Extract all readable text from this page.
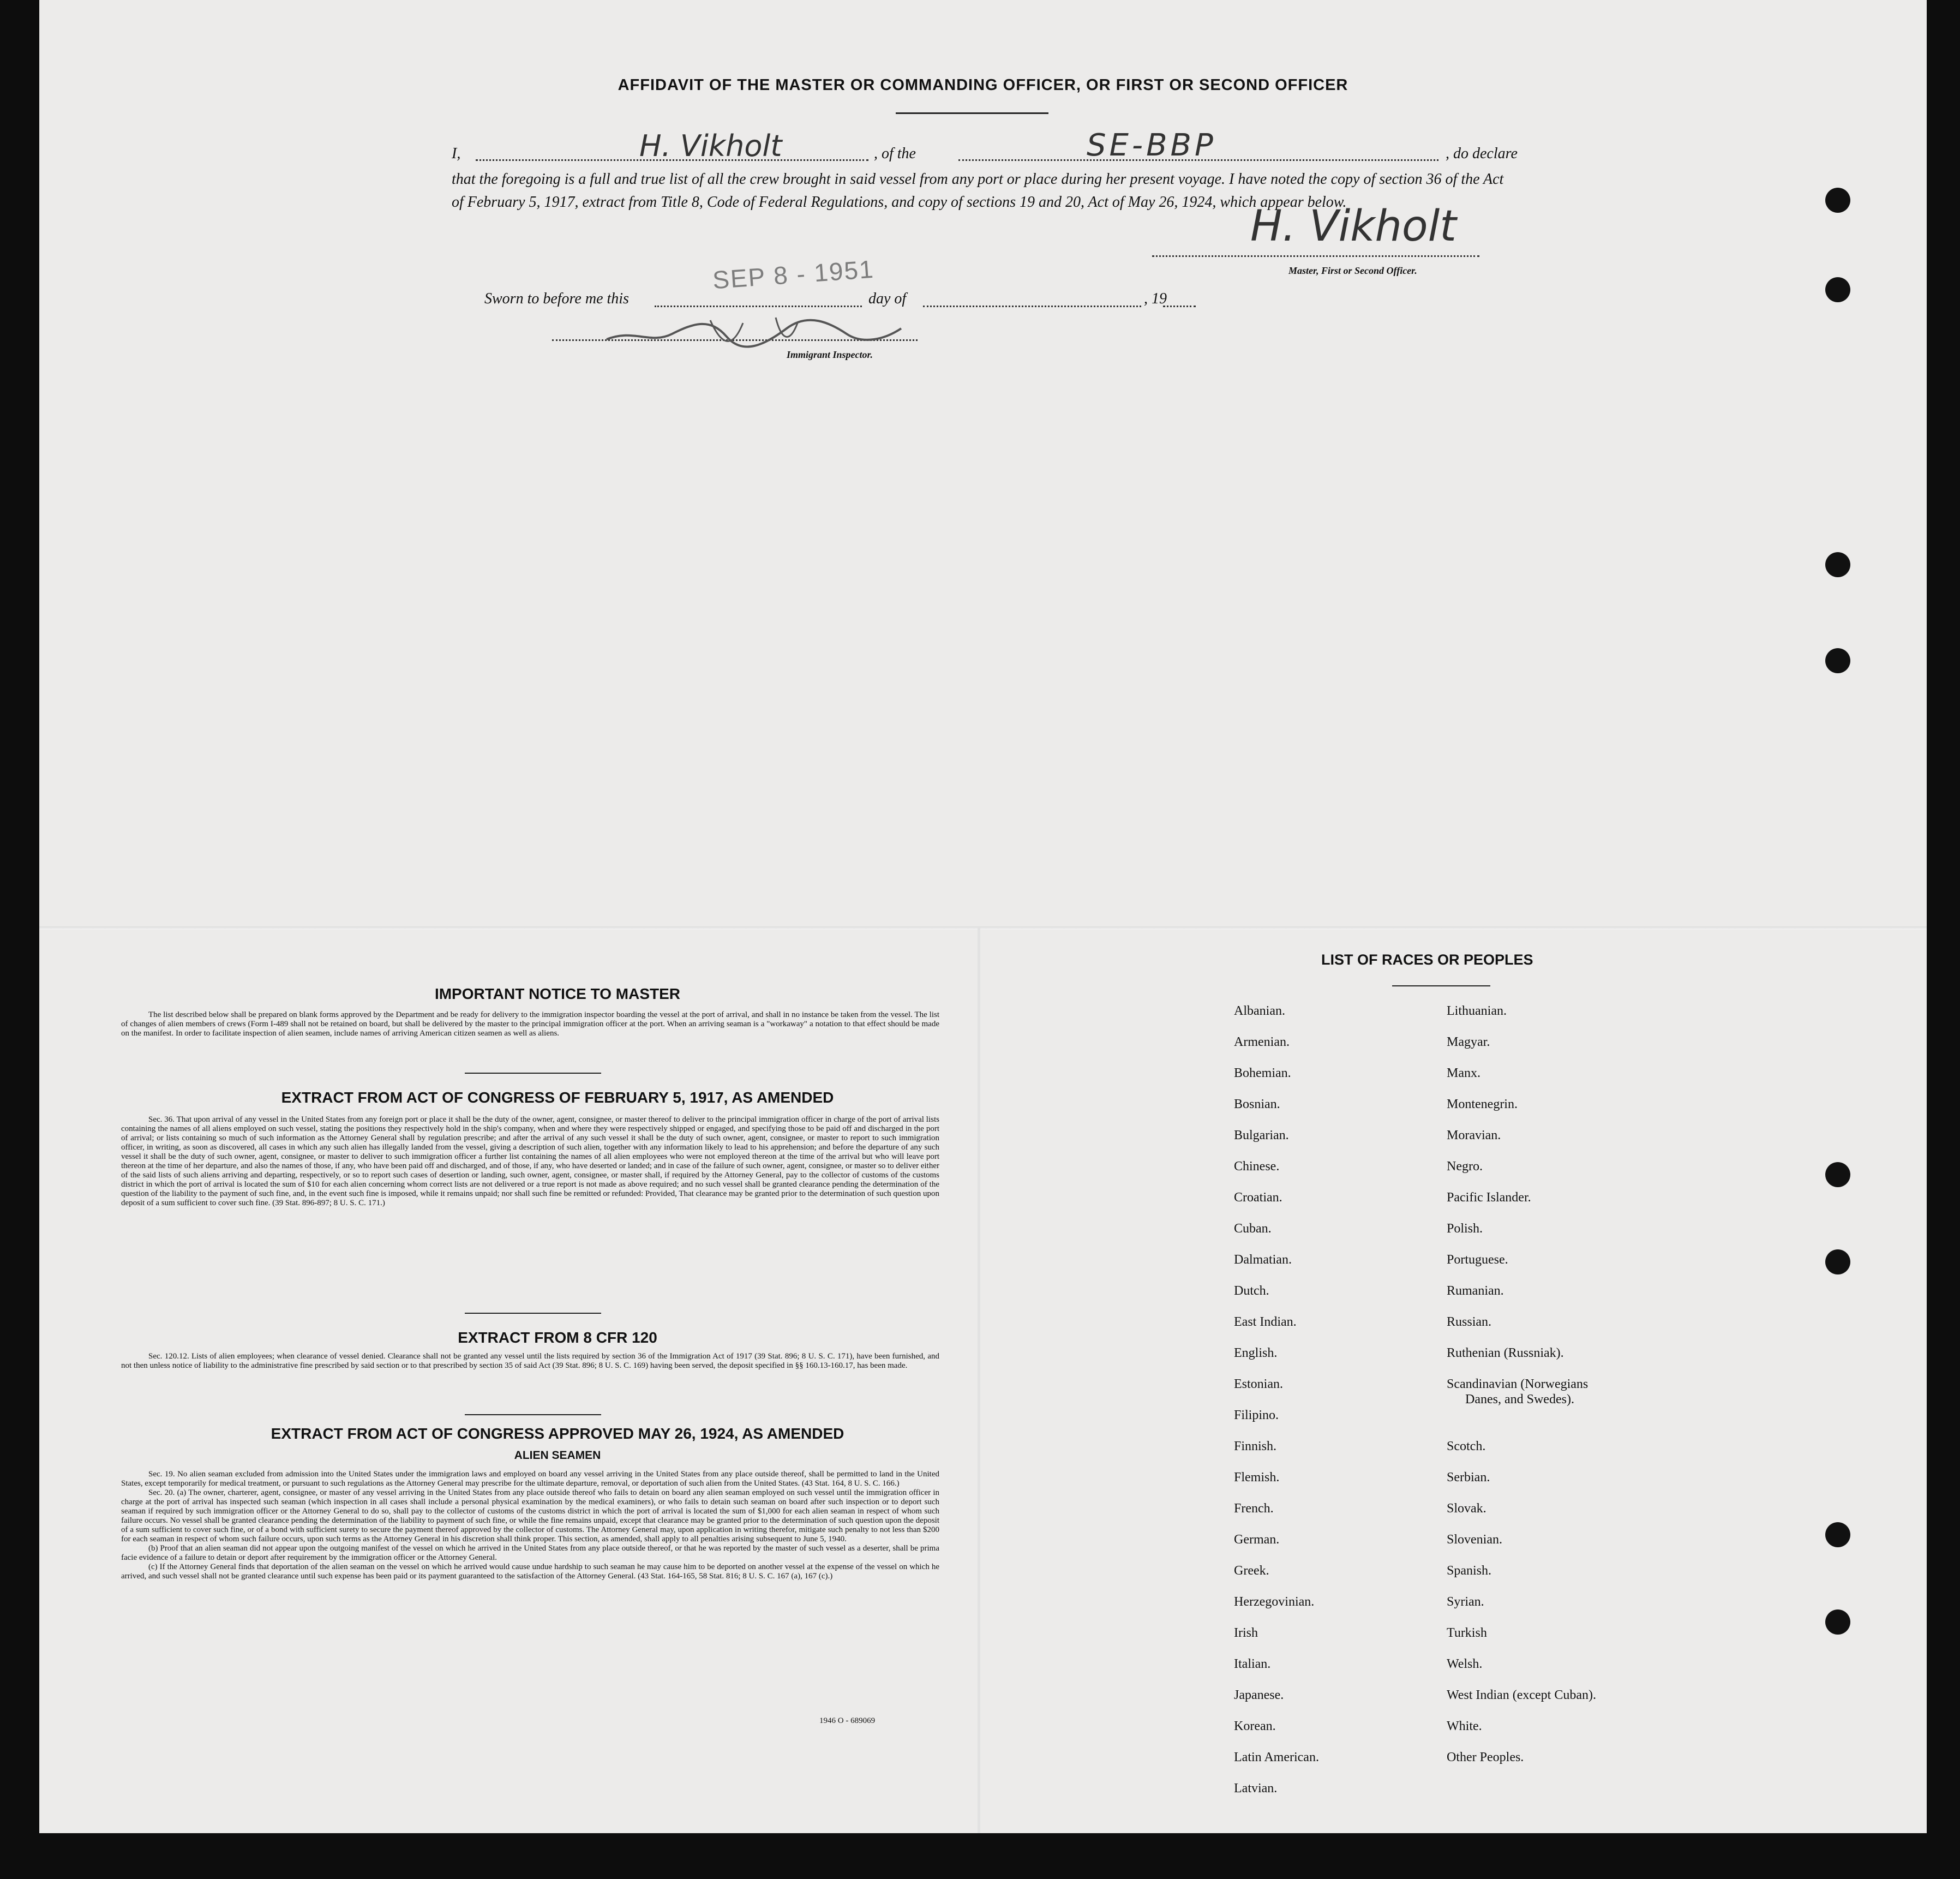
AFFIDAVIT OF THE MASTER OR COMMANDING OFFICER, OR FIRST OR SECOND OFFICER
I,	H. Vikholt	, of the	SE-BBP	, do declare
that the foregoing is a full and true list of all the crew brought in said vessel from any port or place during her present voyage. I have noted the copy of section 36 of the Act of February 5, 1917, extract from Title 8, Code of Federal Regulations, and copy of sections 19 and 20, Act of May 26, 1924, which appear below.
H. Vikholt
Master, First or Second Officer.
Sworn to before me this
SEP 8 - 1951
day of	, 19
Immigrant Inspector.
IMPORTANT NOTICE TO MASTER

The list described below shall be prepared on blank forms approved by the Department and be ready for delivery to the immigration inspector boarding the vessel at the port of arrival, and shall in no instance be taken from the vessel. The list of changes of alien members of crews (Form I-489 shall not be retained on board, but shall be delivered by the master to the principal immigration officer at the port. When an arriving seaman is a "workaway" a notation to that effect should be made on the manifest. In order to facilitate inspection of alien seamen, include names of arriving American citizen seamen as well as aliens.

EXTRACT FROM ACT OF CONGRESS OF FEBRUARY 5, 1917, AS AMENDED

Sec. 36. That upon arrival of any vessel in the United States from any foreign port or place it shall be the duty of the owner, agent, consignee, or master thereof to deliver to the principal immigration officer in charge of the port of arrival lists containing the names of all aliens employed on such vessel, stating the positions they respectively hold in the ship's company, when and where they were respectively shipped or engaged, and specifying those to be paid off and discharged in the port of arrival; or lists containing so much of such information as the Attorney General shall by regulation prescribe; and after the arrival of any such vessel it shall be the duty of such owner, agent, consignee, or master to report to such immigration officer, in writing, as soon as discovered, all cases in which any such alien has illegally landed from the vessel, giving a description of such alien, together with any information likely to lead to his apprehension; and before the departure of any such vessel it shall be the duty of such owner, agent, consignee, or master to deliver to such immigration officer a further list containing the names of all alien employees who were not employed thereon at the time of the arrival but who will leave port thereon at the time of her departure, and also the names of those, if any, who have been paid off and discharged, and of those, if any, who have deserted or landed; and in case of the failure of such owner, agent, consignee, or master so to deliver either of the said lists of such aliens arriving and departing, respectively, or so to report such cases of desertion or landing, such owner, agent, consignee, or master shall, if required by the Attorney General, pay to the collector of customs of the customs district in which the port of arrival is located the sum of $10 for each alien concerning whom correct lists are not delivered or a true report is not made as above required; and no such vessel shall be granted clearance pending the determination of the question of the liability to the payment of such fine, and, in the event such fine is imposed, while it remains unpaid; nor shall such fine be remitted or refunded: Provided, That clearance may be granted prior to the determination of such question upon deposit of a sum sufficient to cover such fine. (39 Stat. 896-897; 8 U. S. C. 171.)

EXTRACT FROM 8 CFR 120

Sec. 120.12. Lists of alien employees; when clearance of vessel denied. Clearance shall not be granted any vessel until the lists required by section 36 of the Immigration Act of 1917 (39 Stat. 896; 8 U. S. C. 171), have been furnished, and not then unless notice of liability to the administrative fine prescribed by said section or to that prescribed by section 35 of said Act (39 Stat. 896; 8 U. S. C. 169) having been served, the deposit specified in §§ 160.13-160.17, has been made.

EXTRACT FROM ACT OF CONGRESS APPROVED MAY 26, 1924, AS AMENDED
ALIEN SEAMEN

Sec. 19. No alien seaman excluded from admission into the United States under the immigration laws and employed on board any vessel arriving in the United States from any place outside thereof, shall be permitted to land in the United States, except temporarily for medical treatment, or pursuant to such regulations as the Attorney General may prescribe for the ultimate departure, removal, or deportation of such alien from the United States. (43 Stat. 164, 8 U. S. C. 166.)

Sec. 20. (a) The owner, charterer, agent, consignee, or master of any vessel arriving in the United States from any place outside thereof who fails to detain on board any alien seaman employed on such vessel until the immigration officer in charge at the port of arrival has inspected such seaman (which inspection in all cases shall include a personal physical examination by the medical examiners), or who fails to detain such seaman on board after such inspection or to deport such seaman if required by such immigration officer or the Attorney General to do so, shall pay to the collector of customs of the customs district in which the port of arrival is located the sum of $1,000 for each alien seaman in respect of whom such failure occurs. No vessel shall be granted clearance pending the determination of the liability to payment of such fine, or while the fine remains unpaid, except that clearance may be granted prior to the determination of such question upon the deposit of a sum sufficient to cover such fine, or of a bond with sufficient surety to secure the payment thereof approved by the collector of customs. The Attorney General may, upon application in writing therefor, mitigate such penalty to not less than $200 for each seaman in respect of whom such failure occurs, upon such terms as the Attorney General in his discretion shall think proper. This section, as amended, shall apply to all penalties arising subsequent to June 5, 1940.

(b) Proof that an alien seaman did not appear upon the outgoing manifest of the vessel on which he arrived in the United States from any place outside thereof, or that he was reported by the master of such vessel as a deserter, shall be prima facie evidence of a failure to detain or deport after requirement by the immigration officer or the Attorney General.

(c) If the Attorney General finds that deportation of the alien seaman on the vessel on which he arrived would cause undue hardship to such seaman he may cause him to be deported on another vessel at the expense of the vessel on which he arrived, and such vessel shall not be granted clearance until such expense has been paid or its payment guaranteed to the satisfaction of the Attorney General. (43 Stat. 164-165, 58 Stat. 816; 8 U. S. C. 167 (a), 167 (c).)

1946 O - 689069
LIST OF RACES OR PEOPLES
Albanian.
Armenian.
Bohemian.
Bosnian.
Bulgarian.
Chinese.
Croatian.
Cuban.
Dalmatian.
Dutch.
East Indian.
English.
Estonian.
Filipino.
Finnish.
Flemish.
French.
German.
Greek.
Herzegovinian.
Irish
Italian.
Japanese.
Korean.
Latin American.
Latvian.
Lithuanian.
Magyar.
Manx.
Montenegrin.
Moravian.
Negro.
Pacific Islander.
Polish.
Portuguese.
Rumanian.
Russian.
Ruthenian (Russniak).
Scandinavian (Norwegians
Danes, and Swedes).
Scotch.
Serbian.
Slovak.
Slovenian.
Spanish.
Syrian.
Turkish
Welsh.
West Indian (except Cuban).
White.
Other Peoples.
